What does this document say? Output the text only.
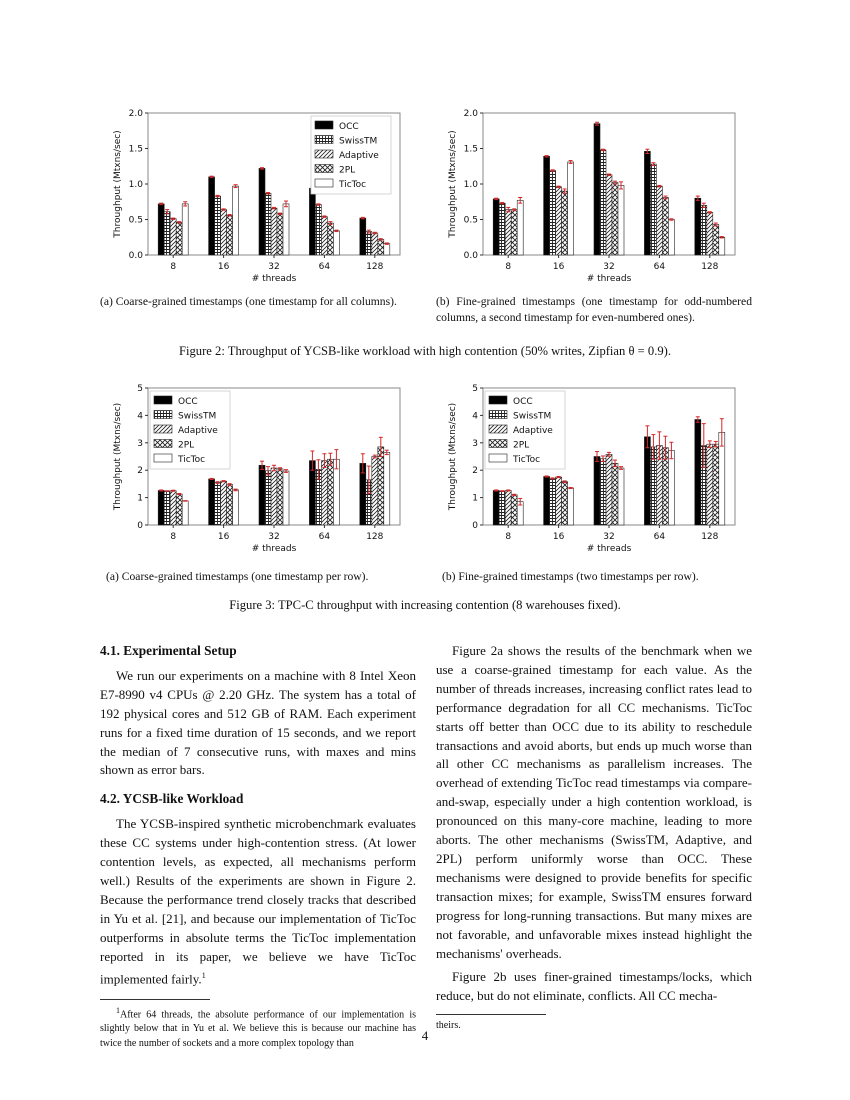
0.0
0.5
1.0
1.5
2.0
Throughput (Mtxns/sec)
# threads
8	16	32	64	128
OCC
SwissTM
Adaptive
2PL
TicToc
0.0
0.5
1.0
1.5
2.0
Throughput (Mtxns/sec)
# threads
8	16	32	64	128
(a) Coarse-grained timestamps (one timestamp for all columns).	(b) Fine-grained timestamps (one timestamp for odd-numbered columns, a second timestamp for even-numbered ones).
Figure 2: Throughput of YCSB-like workload with high contention (50% writes, Zipfian θ = 0.9).
0
1
2
3
4
5
Throughput (Mtxns/sec)
# threads
8	16	32	64	128
OCC
SwissTM
Adaptive
2PL
TicToc
0
1
2
3
4
5
Throughput (Mtxns/sec)
# threads
8	16	32	64	128
OCC
SwissTM
Adaptive
2PL
TicToc
(a) Coarse-grained timestamps (one timestamp per row).	(b) Fine-grained timestamps (two timestamps per row).
Figure 3: TPC-C throughput with increasing contention (8 warehouses fixed).
4.1. Experimental Setup

We run our experiments on a machine with 8 Intel Xeon E7-8990 v4 CPUs @ 2.20 GHz. The system has a total of 192 physical cores and 512 GB of RAM. Each experiment runs for a fixed time duration of 15 seconds, and we report the median of 7 consecutive runs, with maxes and mins shown as error bars.

4.2. YCSB-like Workload

The YCSB-inspired synthetic microbenchmark evaluates these CC systems under high-contention stress. (At lower contention levels, as expected, all mechanisms perform well.) Results of the experiments are shown in Figure 2. Because the performance trend closely tracks that described in Yu et al. [21], and because our implementation of TicToc outperforms in absolute terms the TicToc implementation reported in its paper, we believe we have TicToc implemented fairly.$^1$

$^1$After 64 threads, the absolute performance of our implementation is slightly below that in Yu et al. We believe this is because our machine has twice the number of sockets and a more complex topology than

Figure 2a shows the results of the benchmark when we use a coarse-grained timestamp for each value. As the number of threads increases, increasing conflict rates lead to performance degradation for all CC mechanisms. TicToc starts off better than OCC due to its ability to reschedule transactions and avoid aborts, but ends up much worse than all other CC mechanisms as parallelism increases. The overhead of extending TicToc read timestamps via compare-and-swap, especially under a high contention workload, is pronounced on this many-core machine, leading to more aborts. The other mechanisms (SwissTM, Adaptive, and 2PL) perform uniformly worse than OCC. These mechanisms were designed to provide benefits for specific transaction mixes; for example, SwissTM ensures forward progress for long-running transactions. But many mixes are not favorable, and unfavorable mixes instead highlight the mechanisms' overheads.

Figure 2b uses finer-grained timestamps/locks, which reduce, but do not eliminate, conflicts. All CC mecha-

theirs.

4
